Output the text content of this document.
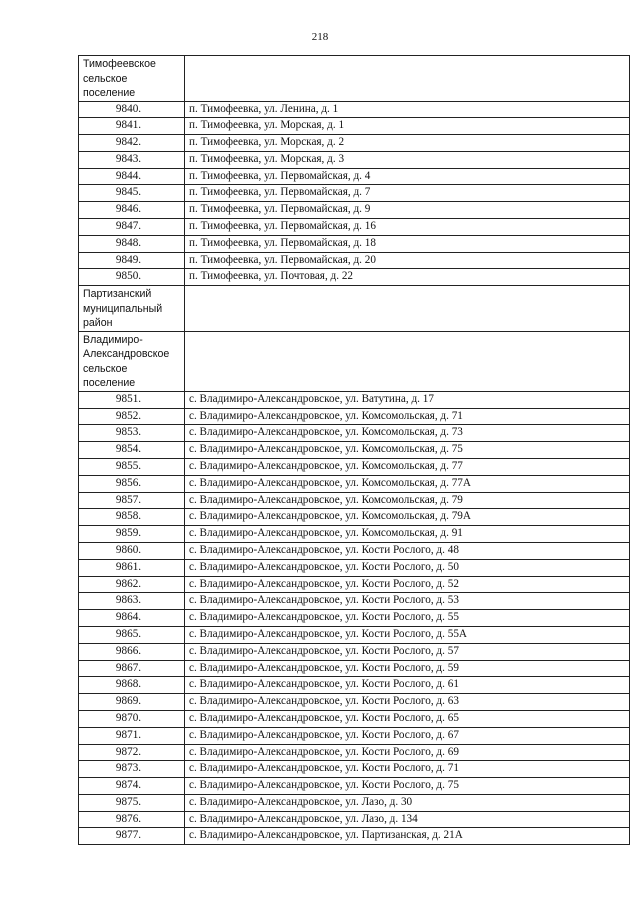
218
Тимофеевское
сельское
поселение	
9840.	п. Тимофеевка, ул. Ленина, д. 1
9841.	п. Тимофеевка, ул. Морская, д. 1
9842.	п. Тимофеевка, ул. Морская, д. 2
9843.	п. Тимофеевка, ул. Морская, д. 3
9844.	п. Тимофеевка, ул. Первомайская, д. 4
9845.	п. Тимофеевка, ул. Первомайская, д. 7
9846.	п. Тимофеевка, ул. Первомайская, д. 9
9847.	п. Тимофеевка, ул. Первомайская, д. 16
9848.	п. Тимофеевка, ул. Первомайская, д. 18
9849.	п. Тимофеевка, ул. Первомайская, д. 20
9850.	п. Тимофеевка, ул. Почтовая, д. 22
Партизанский
муниципальный
район	
Владимиро-
Александровское
сельское
поселение	
9851.	с. Владимиро-Александровское, ул. Ватутина, д. 17
9852.	с. Владимиро-Александровское, ул. Комсомольская, д. 71
9853.	с. Владимиро-Александровское, ул. Комсомольская, д. 73
9854.	с. Владимиро-Александровское, ул. Комсомольская, д. 75
9855.	с. Владимиро-Александровское, ул. Комсомольская, д. 77
9856.	с. Владимиро-Александровское, ул. Комсомольская, д. 77А
9857.	с. Владимиро-Александровское, ул. Комсомольская, д. 79
9858.	с. Владимиро-Александровское, ул. Комсомольская, д. 79А
9859.	с. Владимиро-Александровское, ул. Комсомольская, д. 91
9860.	с. Владимиро-Александровское, ул. Кости Рослого, д. 48
9861.	с. Владимиро-Александровское, ул. Кости Рослого, д. 50
9862.	с. Владимиро-Александровское, ул. Кости Рослого, д. 52
9863.	с. Владимиро-Александровское, ул. Кости Рослого, д. 53
9864.	с. Владимиро-Александровское, ул. Кости Рослого, д. 55
9865.	с. Владимиро-Александровское, ул. Кости Рослого, д. 55А
9866.	с. Владимиро-Александровское, ул. Кости Рослого, д. 57
9867.	с. Владимиро-Александровское, ул. Кости Рослого, д. 59
9868.	с. Владимиро-Александровское, ул. Кости Рослого, д. 61
9869.	с. Владимиро-Александровское, ул. Кости Рослого, д. 63
9870.	с. Владимиро-Александровское, ул. Кости Рослого, д. 65
9871.	с. Владимиро-Александровское, ул. Кости Рослого, д. 67
9872.	с. Владимиро-Александровское, ул. Кости Рослого, д. 69
9873.	с. Владимиро-Александровское, ул. Кости Рослого, д. 71
9874.	с. Владимиро-Александровское, ул. Кости Рослого, д. 75
9875.	с. Владимиро-Александровское, ул. Лазо, д. 30
9876.	с. Владимиро-Александровское, ул. Лазо, д. 134
9877.	с. Владимиро-Александровское, ул. Партизанская, д. 21А
